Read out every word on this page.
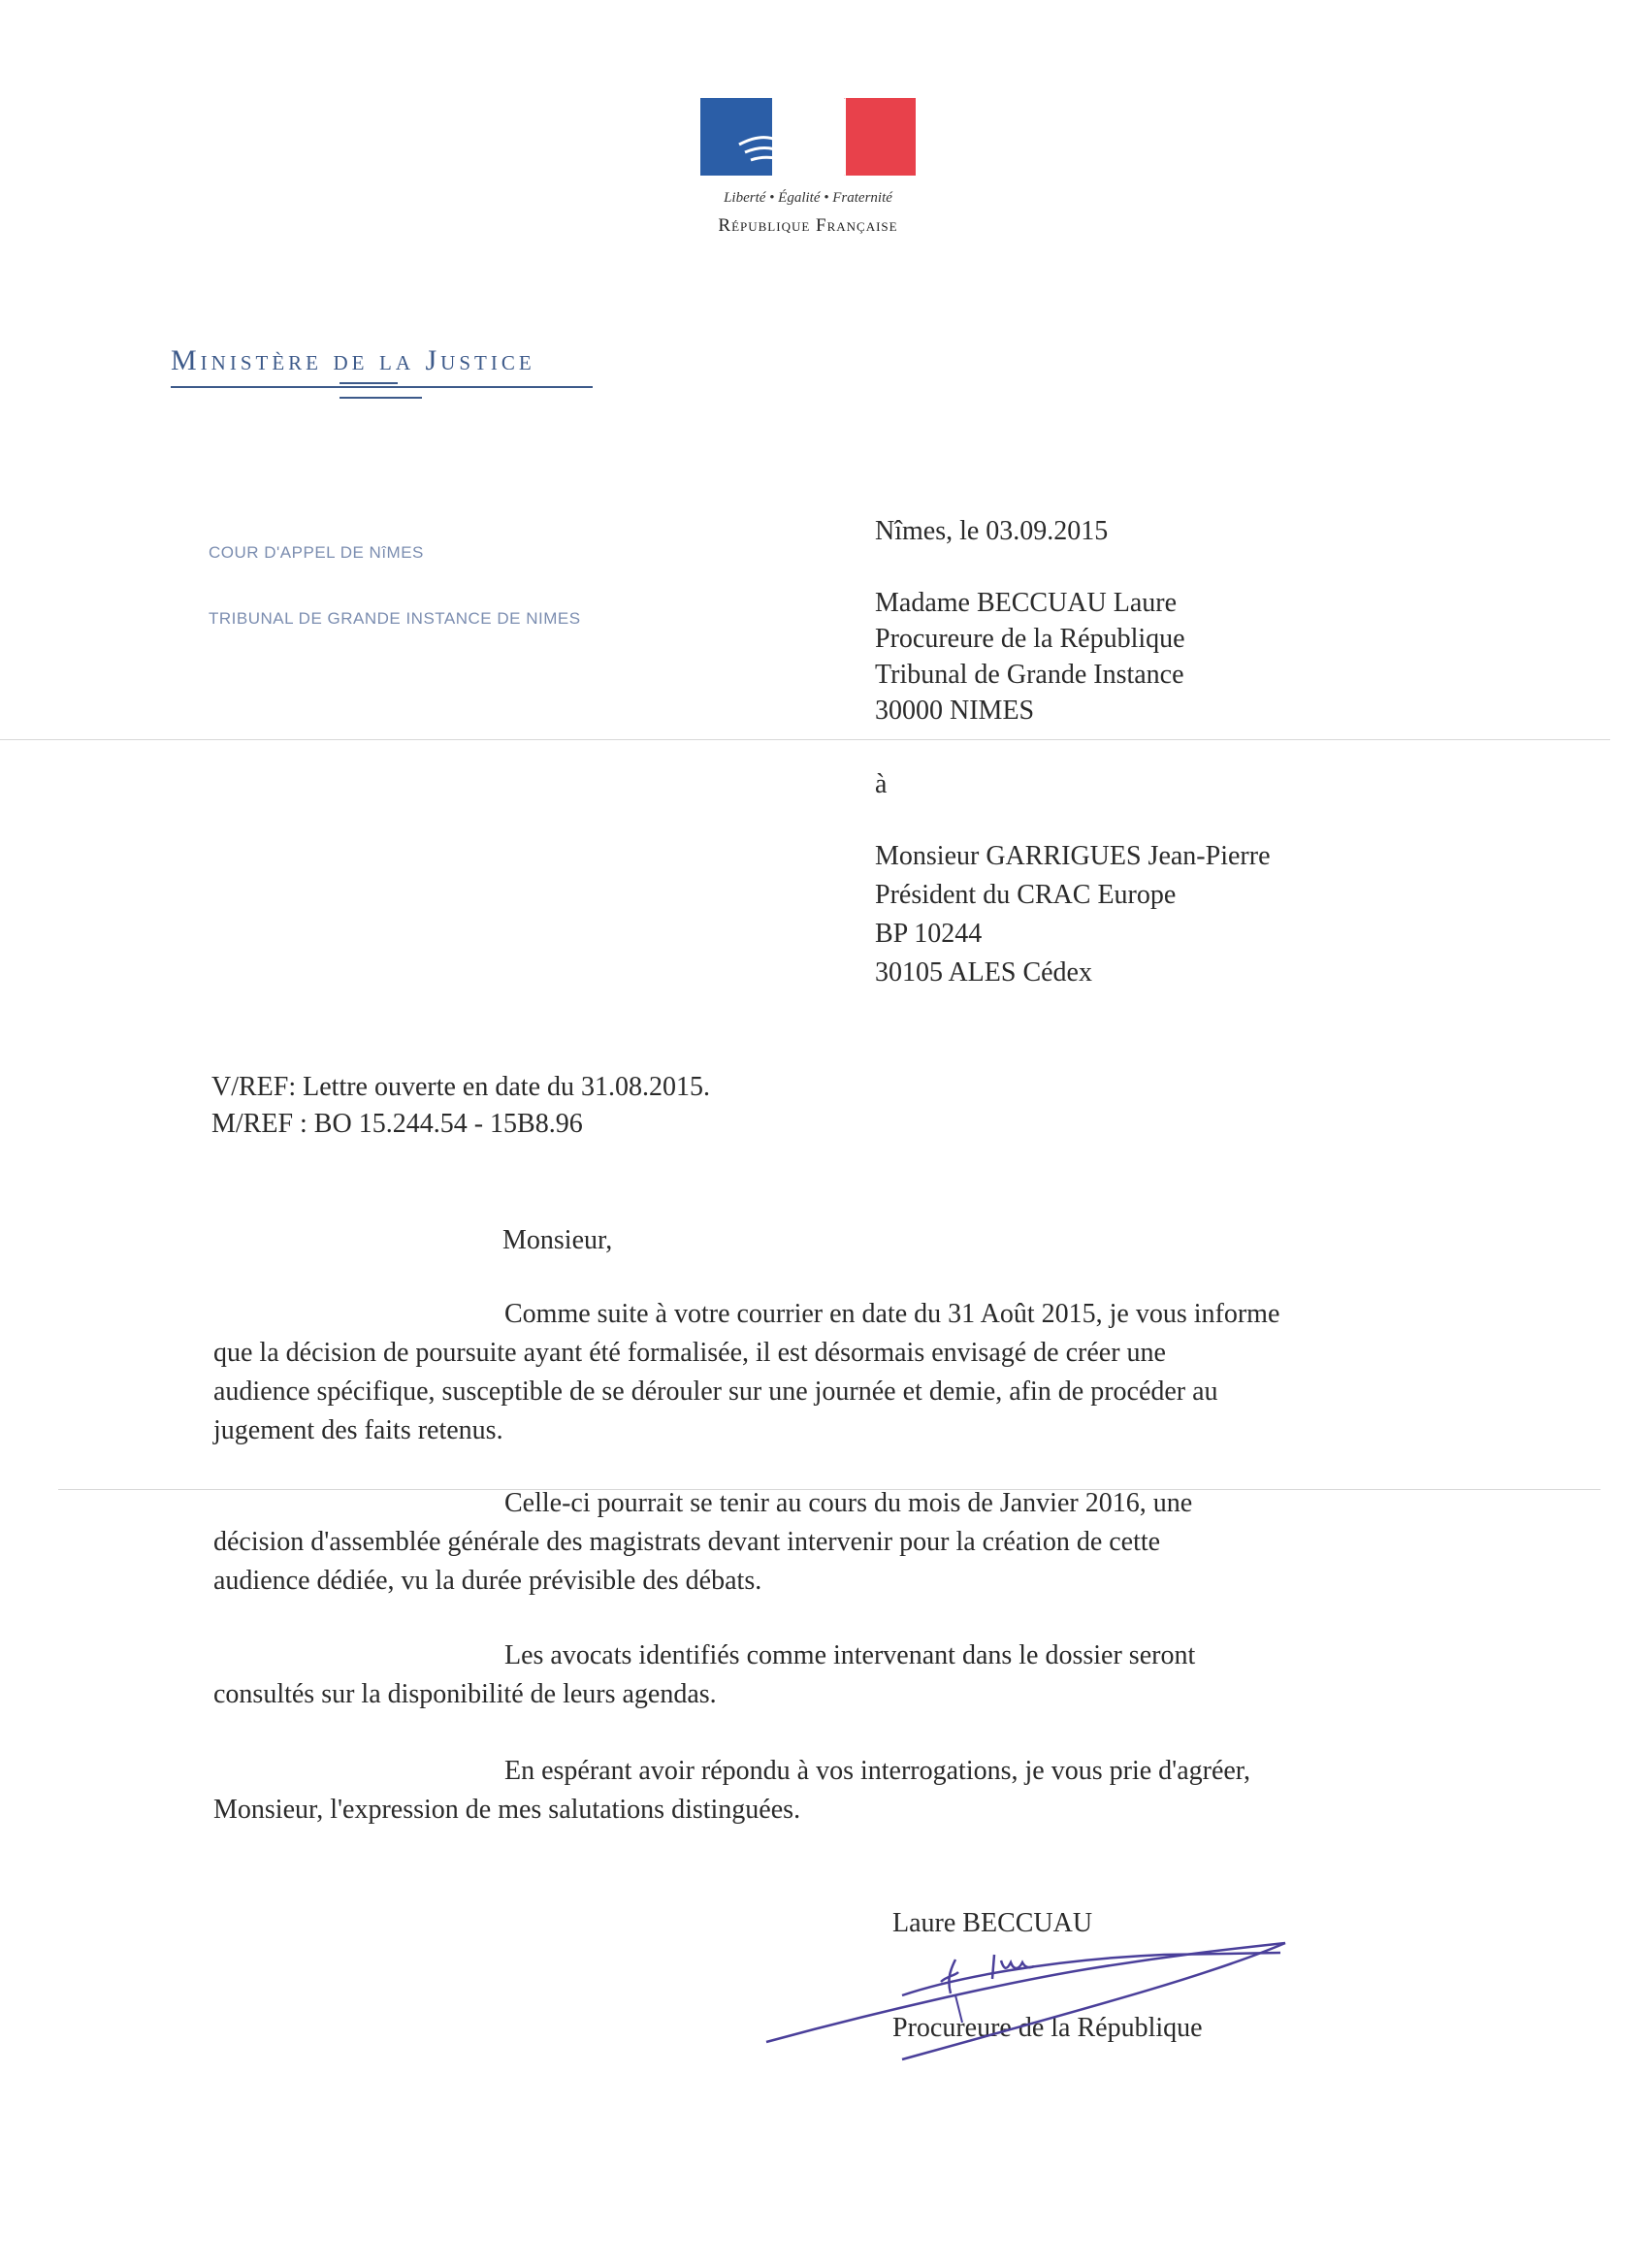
Liberté • Égalité • Fraternité
République Française
Ministère de la Justice
COUR D'APPEL DE NîMES
TRIBUNAL DE GRANDE INSTANCE DE NIMES
Nîmes, le 03.09.2015
Madame BECCUAU Laure
Procureure de la République
Tribunal de Grande Instance
30000 NIMES
à
Monsieur GARRIGUES Jean-Pierre
Président du CRAC Europe
BP 10244
30105 ALES Cédex
V/REF: Lettre ouverte en date du 31.08.2015.
M/REF : BO 15.244.54 - 15B8.96
Monsieur,
Comme suite à votre courrier en date du 31 Août 2015, je vous informe
que la décision de poursuite ayant été formalisée, il est désormais envisagé de créer une
audience spécifique, susceptible de se dérouler sur une journée et demie, afin de procéder au
jugement des faits retenus.
Celle-ci pourrait se tenir au cours du mois de Janvier 2016, une
décision d'assemblée générale des magistrats devant intervenir pour la création de cette
audience dédiée, vu la durée prévisible des débats.
Les avocats identifiés comme intervenant dans le dossier seront
consultés sur la disponibilité de leurs agendas.
En espérant avoir répondu à vos interrogations, je vous prie d'agréer,
Monsieur, l'expression de mes salutations distinguées.
Laure BECCUAU
Procureure de la République
